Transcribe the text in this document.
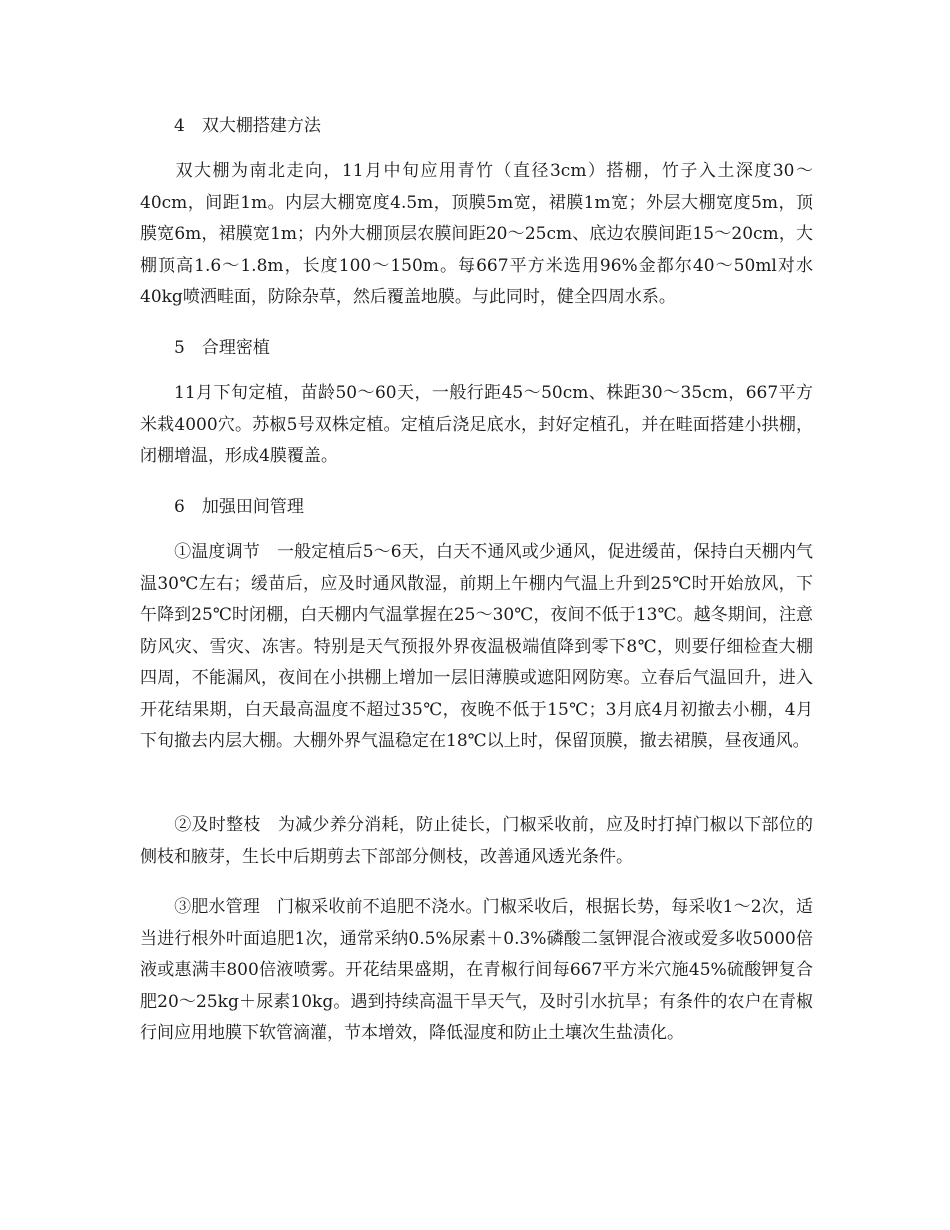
4　双大棚搭建方法

双大棚为南北走向，11月中旬应用青竹（直径3cm）搭棚，竹子入土深度30～40cm，间距1m。内层大棚宽度4.5m，顶膜5m宽，裙膜1m宽；外层大棚宽度5m，顶膜宽6m，裙膜宽1m；内外大棚顶层农膜间距20～25cm、底边农膜间距15～20cm，大棚顶高1.6～1.8m，长度100～150m。每667平方米选用96%金都尔40～50ml对水40kg喷洒畦面，防除杂草，然后覆盖地膜。与此同时，健全四周水系。

5　合理密植

11月下旬定植，苗龄50～60天，一般行距45～50cm、株距30～35cm，667平方米栽4000穴。苏椒5号双株定植。定植后浇足底水，封好定植孔，并在畦面搭建小拱棚，闭棚增温，形成4膜覆盖。

6　加强田间管理

①温度调节　一般定植后5～6天，白天不通风或少通风，促进缓苗，保持白天棚内气温30℃左右；缓苗后，应及时通风散湿，前期上午棚内气温上升到25℃时开始放风，下午降到25℃时闭棚，白天棚内气温掌握在25～30℃，夜间不低于13℃。越冬期间，注意防风灾、雪灾、冻害。特别是天气预报外界夜温极端值降到零下8℃，则要仔细检查大棚四周，不能漏风，夜间在小拱棚上增加一层旧薄膜或遮阳网防寒。立春后气温回升，进入开花结果期，白天最高温度不超过35℃，夜晚不低于15℃；3月底4月初撤去小棚，4月下旬撤去内层大棚。大棚外界气温稳定在18℃以上时，保留顶膜，撤去裙膜，昼夜通风。

②及时整枝　为减少养分消耗，防止徒长，门椒采收前，应及时打掉门椒以下部位的侧枝和腋芽，生长中后期剪去下部部分侧枝，改善通风透光条件。

③肥水管理　门椒采收前不追肥不浇水。门椒采收后，根据长势，每采收1～2次，适当进行根外叶面追肥1次，通常采纳0.5%尿素＋0.3%磷酸二氢钾混合液或爱多收5000倍液或惠满丰800倍液喷雾。开花结果盛期，在青椒行间每667平方米穴施45%硫酸钾复合肥20～25kg＋尿素10kg。遇到持续高温干旱天气，及时引水抗旱；有条件的农户在青椒行间应用地膜下软管滴灌，节本增效，降低湿度和防止土壤次生盐渍化。
